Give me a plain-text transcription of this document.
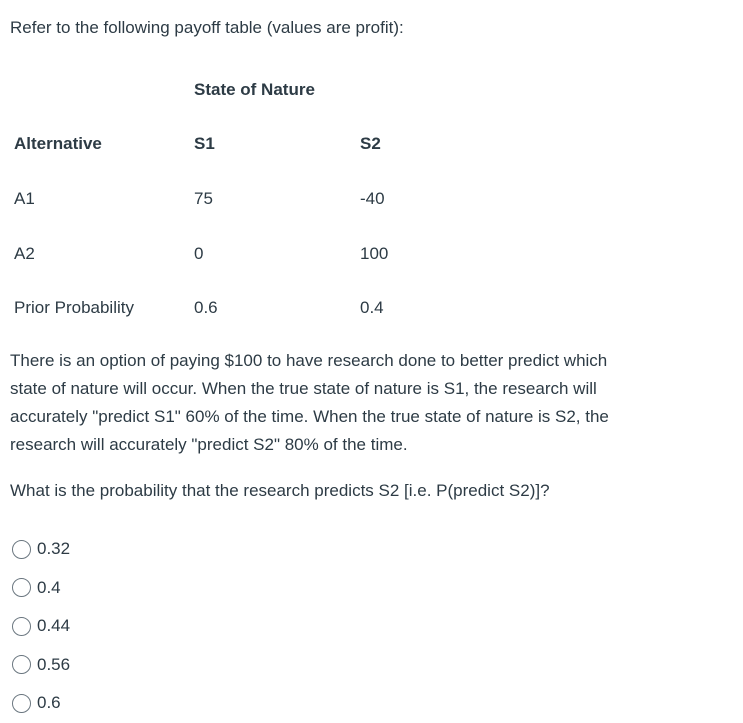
Refer to the following payoff table (values are profit):
State of Nature
Alternative	S1	S2
A1	75	-40
A2	0	100
Prior Probability	0.6	0.4

There is an option of paying $100 to have research done to better predict which

state of nature will occur. When the true state of nature is S1, the research will

accurately "predict S1" 60% of the time. When the true state of nature is S2, the

research will accurately "predict S2" 80% of the time.

What is the probability that the research predicts S2 [i.e. P(predict S2)]?
0.32
0.4
0.44
0.56
0.6
